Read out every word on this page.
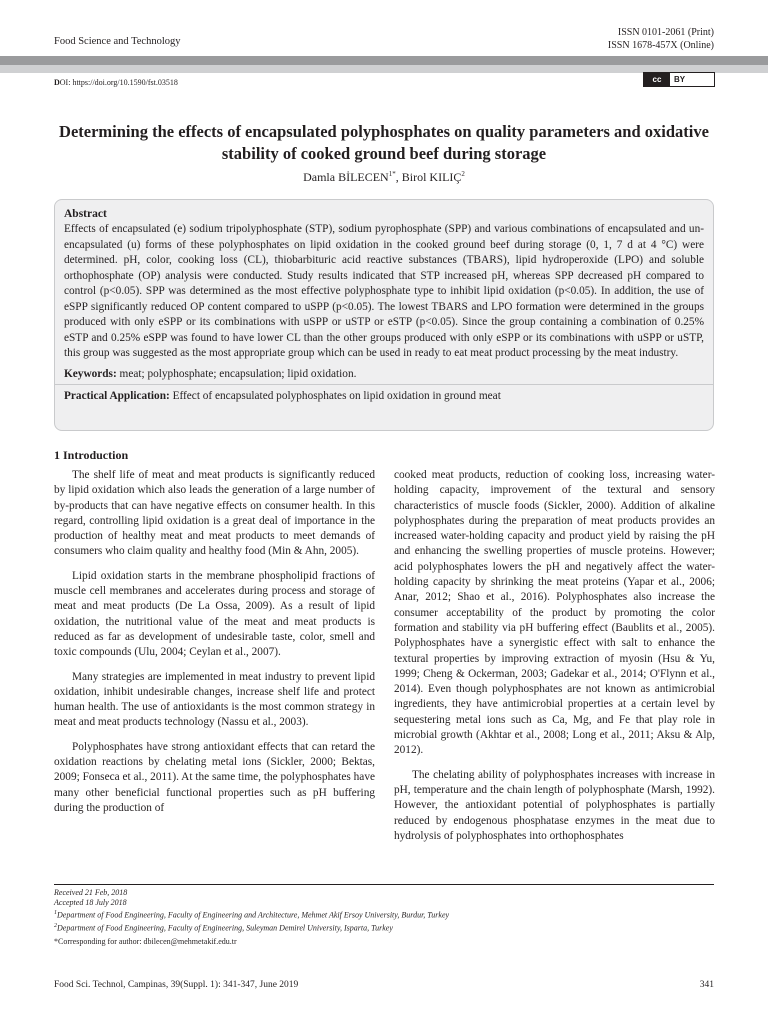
Food Science and Technology
ISSN 0101-2061 (Print)
ISSN 1678-457X (Online)
DOI: https://doi.org/10.1590/fst.03518	cc	BY
Determining the effects of encapsulated polyphosphates on quality parameters and oxidative stability of cooked ground beef during storage
Damla $BİLECEN^{1*}$, Birol KILIÇ$^2$
Abstract
Effects of encapsulated (e) sodium tripolyphosphate (STP), sodium pyrophosphate (SPP) and various combinations of encapsulated and un-encapsulated (u) forms of these polyphosphates on lipid oxidation in the cooked ground beef during storage (0, 1, 7 d at 4 °C) were determined. pH, color, cooking loss (CL), thiobarbituric acid reactive substances (TBARS), lipid hydroperoxide (LPO) and soluble orthophosphate (OP) analysis were conducted. Study results indicated that STP increased pH, whereas SPP decreased pH compared to control (p<0.05). SPP was determined as the most effective polyphosphate type to inhibit lipid oxidation (p<0.05). In addition, the use of eSPP significantly reduced OP content compared to uSPP (p<0.05). The lowest TBARS and LPO formation were determined in the groups produced with only eSPP or its combinations with uSPP or uSTP or eSTP (p<0.05). Since the group containing a combination of 0.25% eSTP and 0.25% eSPP was found to have lower CL than the other groups produced with only eSPP or its combinations with uSPP or uSTP, this group was suggested as the most appropriate group which can be used in ready to eat meat product processing by the meat industry.
Keywords: meat; polyphosphate; encapsulation; lipid oxidation.
Practical Application: Effect of encapsulated polyphosphates on lipid oxidation in ground meat
1 Introduction

The shelf life of meat and meat products is significantly reduced by lipid oxidation which also leads the generation of a large number of by-products that can have negative effects on consumer health. In this regard, controlling lipid oxidation is a great deal of importance in the production of healthy meat and meat products to meet demands of consumers who claim quality and healthy food (Min & Ahn, 2005).

Lipid oxidation starts in the membrane phospholipid fractions of muscle cell membranes and accelerates during process and storage of meat and meat products (De La Ossa, 2009). As a result of lipid oxidation, the nutritional value of the meat and meat products is reduced as far as development of undesirable taste, color, smell and toxic compounds (Ulu, 2004; Ceylan et al., 2007).

Many strategies are implemented in meat industry to prevent lipid oxidation, inhibit undesirable changes, increase shelf life and protect human health. The use of antioxidants is the most common strategy in meat and meat products technology (Nassu et al., 2003).

Polyphosphates have strong antioxidant effects that can retard the oxidation reactions by chelating metal ions (Sickler, 2000; Bektas, 2009; Fonseca et al., 2011). At the same time, the polyphosphates have many other beneficial functional properties such as pH buffering during the production of

cooked meat products, reduction of cooking loss, increasing water-holding capacity, improvement of the textural and sensory characteristics of muscle foods (Sickler, 2000). Addition of alkaline polyphosphates during the preparation of meat products provides an increased water-holding capacity and product yield by raising the pH and enhancing the swelling properties of muscle proteins. However; acid polyphosphates lowers the pH and negatively affect the water-holding capacity by shrinking the meat proteins (Yapar et al., 2006; Anar, 2012; Shao et al., 2016). Polyphosphates also increase the consumer acceptability of the product by promoting the color formation and stability via pH buffering effect (Baublits et al., 2005). Polyphosphates have a synergistic effect with salt to enhance the textural properties by improving extraction of myosin (Hsu & Yu, 1999; Cheng & Ockerman, 2003; Gadekar et al., 2014; O'Flynn et al., 2014). Even though polyphosphates are not known as antimicrobial ingredients, they have antimicrobial properties at a certain level by sequestering metal ions such as Ca, Mg, and Fe that play role in microbial growth (Akhtar et al., 2008; Long et al., 2011; Aksu & Alp, 2012).

The chelating ability of polyphosphates increases with increase in pH, temperature and the chain length of polyphosphate (Marsh, 1992). However, the antioxidant potential of polyphosphates is partially reduced by endogenous phosphatase enzymes in the meat due to hydrolysis of polyphosphates into orthophosphates

Received 21 Feb, 2018
Accepted 18 July 2018
$^1$Department of Food Engineering, Faculty of Engineering and Architecture, Mehmet Akif Ersoy University, Burdur, Turkey
$^2$Department of Food Engineering, Faculty of Engineering, Suleyman Demirel University, Isparta, Turkey
*Corresponding for author: dbilecen@mehmetakif.edu.tr
Food Sci. Technol, Campinas, 39(Suppl. 1): 341-347, June 2019	341
